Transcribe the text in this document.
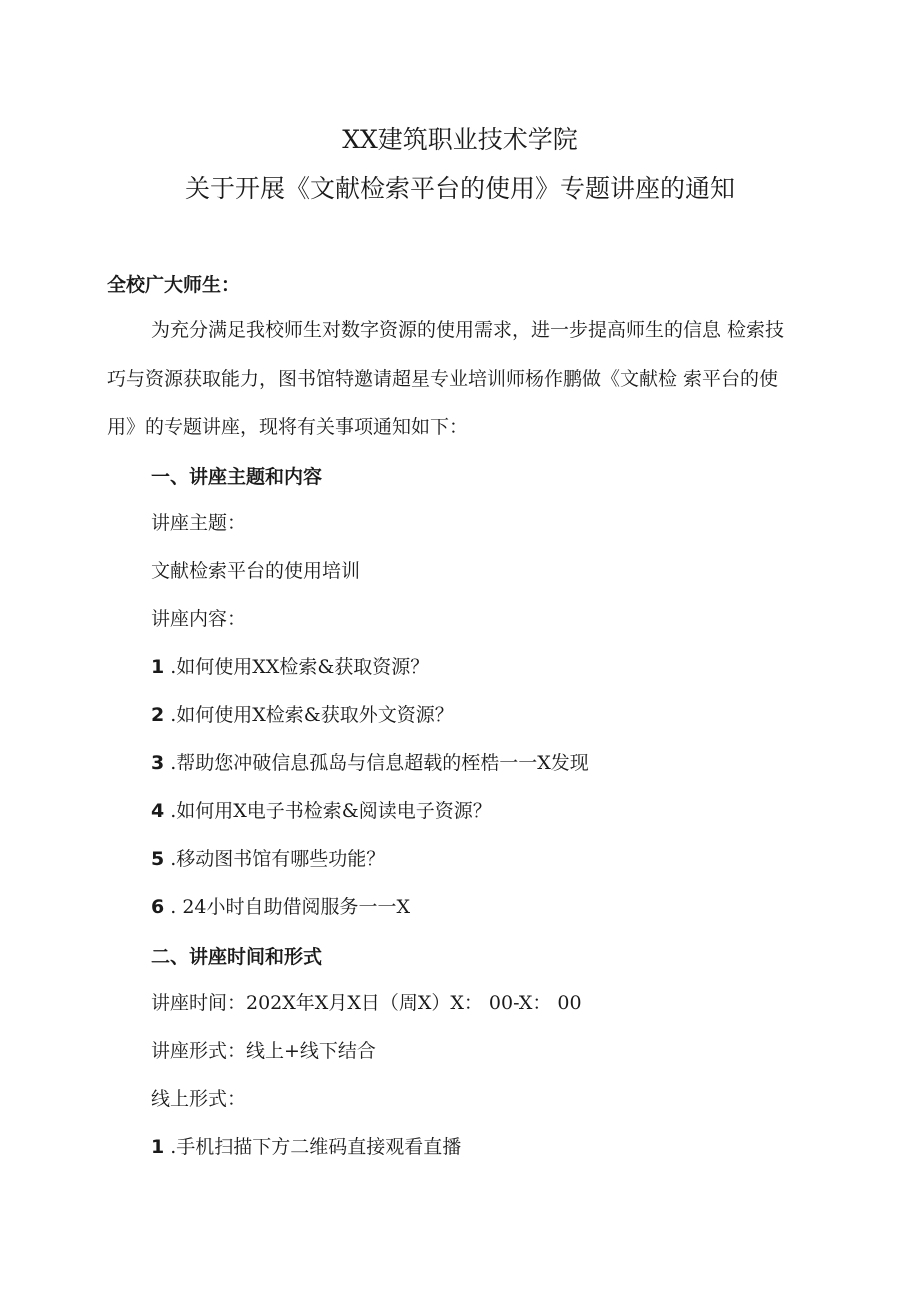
XX建筑职业技术学院
关于开展《文献检索平台的使用》专题讲座的通知
全校广大师生：
为充分满足我校师生对数字资源的使用需求，进一步提高师生的信息 检索技
巧与资源获取能力，图书馆特邀请超星专业培训师杨作鹏做《文献检 索平台的使
用》的专题讲座，现将有关事项通知如下：
一、讲座主题和内容
讲座主题：
文献检索平台的使用培训
讲座内容：
1 .如何使用XX检索&获取资源？
2 .如何使用X检索&获取外文资源？
3 .帮助您冲破信息孤岛与信息超载的桎梏一一X发现
4 .如何用X电子书检索&阅读电子资源？
5 .移动图书馆有哪些功能？
6 . 24小时自助借阅服务一一X
二、讲座时间和形式
讲座时间：202X年X月X日（周X）X： 00-X： 00
讲座形式：线上+线下结合
线上形式：
1 .手机扫描下方二维码直接观看直播
